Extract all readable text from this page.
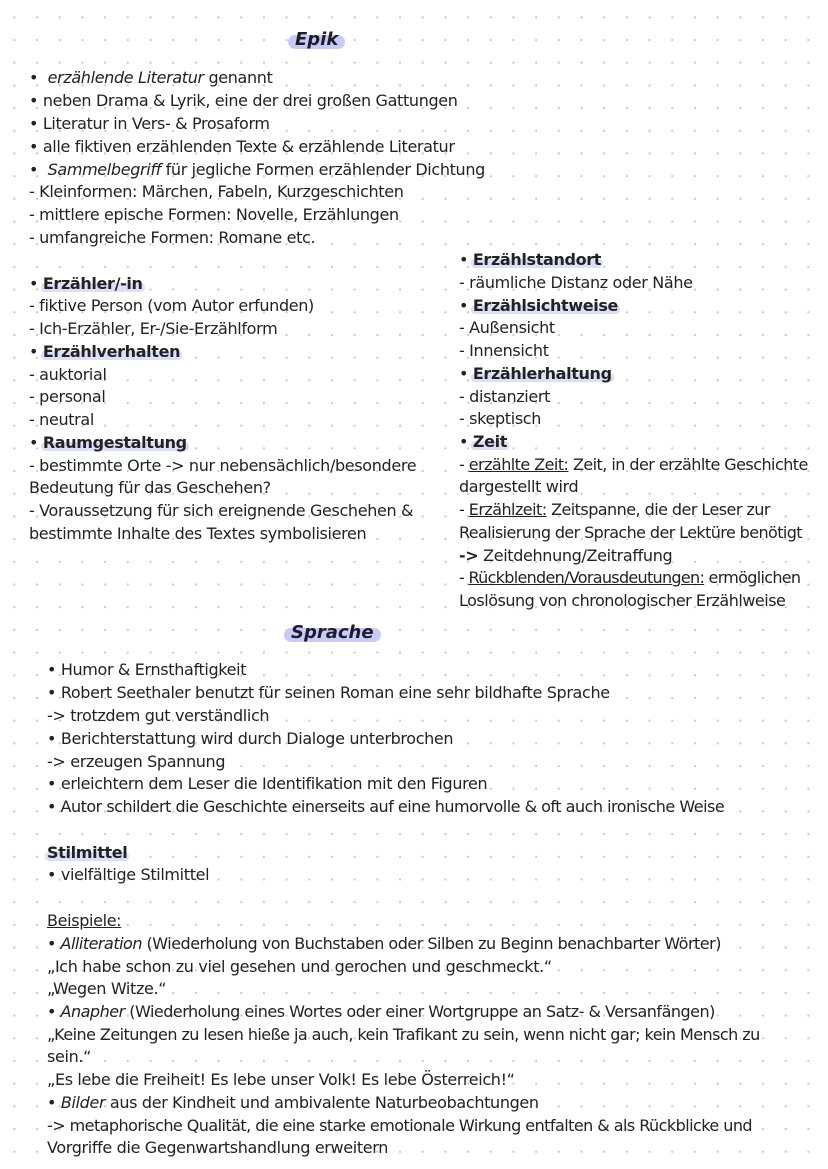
Epik
• erzählende Literatur genannt
• neben Drama & Lyrik, eine der drei großen Gattungen
• Literatur in Vers- & Prosaform
• alle fiktiven erzählenden Texte & erzählende Literatur
• Sammelbegriff für jegliche Formen erzählender Dichtung
- Kleinformen: Märchen, Fabeln, Kurzgeschichten
- mittlere epische Formen: Novelle, Erzählungen
- umfangreiche Formen: Romane etc.
• Erzähler/-in
- fiktive Person (vom Autor erfunden)
- Ich-Erzähler, Er-/Sie-Erzählform
• Erzählverhalten
- auktorial
- personal
- neutral
• Raumgestaltung
- bestimmte Orte -> nur nebensächlich/besondere
Bedeutung für das Geschehen?
- Voraussetzung für sich ereignende Geschehen &
bestimmte Inhalte des Textes symbolisieren
• Erzählstandort
- räumliche Distanz oder Nähe
• Erzählsichtweise
- Außensicht
- Innensicht
• Erzählerhaltung
- distanziert
- skeptisch
• Zeit
- erzählte Zeit: Zeit, in der erzählte Geschichte
dargestellt wird
- Erzählzeit: Zeitspanne, die der Leser zur
Realisierung der Sprache der Lektüre benötigt
-> Zeitdehnung/Zeitraffung
- Rückblenden/Vorausdeutungen: ermöglichen
Loslösung von chronologischer Erzählweise
Sprache
• Humor & Ernsthaftigkeit
• Robert Seethaler benutzt für seinen Roman eine sehr bildhafte Sprache
-> trotzdem gut verständlich
• Berichterstattung wird durch Dialoge unterbrochen
-> erzeugen Spannung
• erleichtern dem Leser die Identifikation mit den Figuren
• Autor schildert die Geschichte einerseits auf eine humorvolle & oft auch ironische Weise
Stilmittel
• vielfältige Stilmittel
Beispiele:
• Alliteration (Wiederholung von Buchstaben oder Silben zu Beginn benachbarter Wörter)
„Ich habe schon zu viel gesehen und gerochen und geschmeckt.“
„Wegen Witze.“
• Anapher (Wiederholung eines Wortes oder einer Wortgruppe an Satz- & Versanfängen)
„Keine Zeitungen zu lesen hieße ja auch, kein Trafikant zu sein, wenn nicht gar; kein Mensch zu
sein.“
„Es lebe die Freiheit! Es lebe unser Volk! Es lebe Österreich!“
• Bilder aus der Kindheit und ambivalente Naturbeobachtungen
-> metaphorische Qualität, die eine starke emotionale Wirkung entfalten & als Rückblicke und
Vorgriffe die Gegenwartshandlung erweitern
